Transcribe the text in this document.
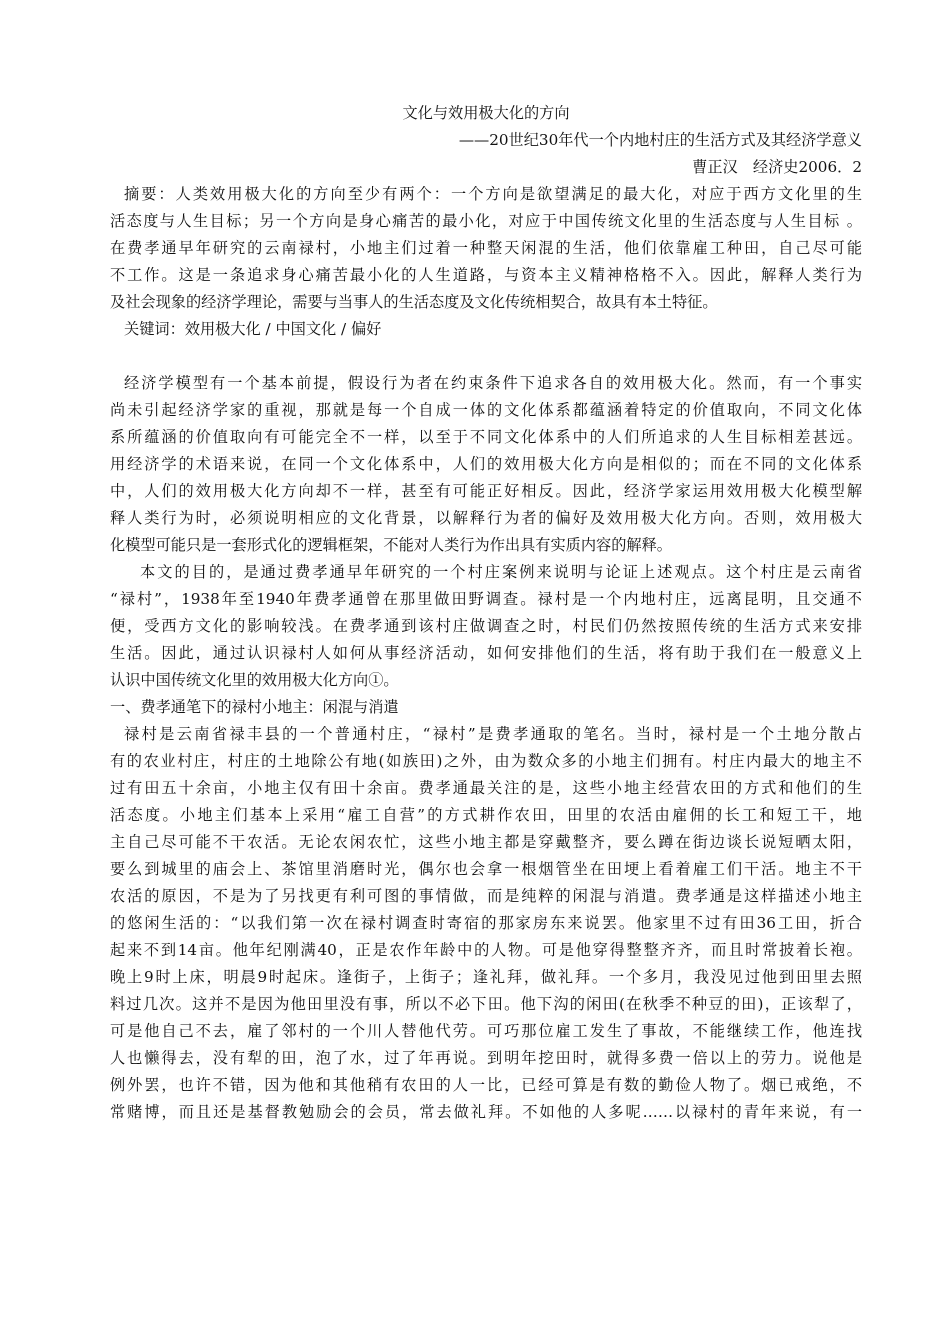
文化与效用极大化的方向
——20世纪30年代一个内地村庄的生活方式及其经济学意义
曹正汉　经济史2006．2
摘要：人类效用极大化的方向至少有两个：一个方向是欲望满足的最大化，对应于西方文化里的生
活态度与人生目标；另一个方向是身心痛苦的最小化，对应于中国传统文化里的生活态度与人生目标 。
在费孝通早年研究的云南禄村，小地主们过着一种整天闲混的生活，他们依靠雇工种田，自己尽可能
不工作。这是一条追求身心痛苦最小化的人生道路，与资本主义精神格格不入。因此，解释人类行为
及社会现象的经济学理论，需要与当事人的生活态度及文化传统相契合，故具有本土特征。
关键词：效用极大化 / 中国文化 / 偏好
经济学模型有一个基本前提，假设行为者在约束条件下追求各自的效用极大化。然而，有一个事实
尚未引起经济学家的重视，那就是每一个自成一体的文化体系都蕴涵着特定的价值取向，不同文化体
系所蕴涵的价值取向有可能完全不一样，以至于不同文化体系中的人们所追求的人生目标相差甚远。
用经济学的术语来说，在同一个文化体系中，人们的效用极大化方向是相似的；而在不同的文化体系
中，人们的效用极大化方向却不一样，甚至有可能正好相反。因此，经济学家运用效用极大化模型解
释人类行为时，必须说明相应的文化背景，以解释行为者的偏好及效用极大化方向。否则，效用极大
化模型可能只是一套形式化的逻辑框架，不能对人类行为作出具有实质内容的解释。
本文的目的，是通过费孝通早年研究的一个村庄案例来说明与论证上述观点。这个村庄是云南省
“禄村”，1938年至1940年费孝通曾在那里做田野调查。禄村是一个内地村庄，远离昆明，且交通不
便，受西方文化的影响较浅。在费孝通到该村庄做调查之时，村民们仍然按照传统的生活方式来安排
生活。因此，通过认识禄村人如何从事经济活动，如何安排他们的生活，将有助于我们在一般意义上
认识中国传统文化里的效用极大化方向①。
一、费孝通笔下的禄村小地主：闲混与消遣
禄村是云南省禄丰县的一个普通村庄，“禄村”是费孝通取的笔名。当时，禄村是一个土地分散占
有的农业村庄，村庄的土地除公有地(如族田)之外，由为数众多的小地主们拥有。村庄内最大的地主不
过有田五十余亩，小地主仅有田十余亩。费孝通最关注的是，这些小地主经营农田的方式和他们的生
活态度。小地主们基本上采用“雇工自营”的方式耕作农田，田里的农活由雇佣的长工和短工干，地
主自己尽可能不干农活。无论农闲农忙，这些小地主都是穿戴整齐，要么蹲在街边谈长说短晒太阳，
要么到城里的庙会上、茶馆里消磨时光，偶尔也会拿一根烟管坐在田埂上看着雇工们干活。地主不干
农活的原因，不是为了另找更有利可图的事情做，而是纯粹的闲混与消遣。费孝通是这样描述小地主
的悠闲生活的：“以我们第一次在禄村调查时寄宿的那家房东来说罢。他家里不过有田36工田，折合
起来不到14亩。他年纪刚满40，正是农作年龄中的人物。可是他穿得整整齐齐，而且时常披着长袍。
晚上9时上床，明晨9时起床。逢街子，上街子；逢礼拜，做礼拜。一个多月，我没见过他到田里去照
料过几次。这并不是因为他田里没有事，所以不必下田。他下沟的闲田(在秋季不种豆的田)，正该犁了，
可是他自己不去，雇了邻村的一个川人替他代劳。可巧那位雇工发生了事故，不能继续工作，他连找
人也懒得去，没有犁的田，泡了水，过了年再说。到明年挖田时，就得多费一倍以上的劳力。说他是
例外罢，也许不错，因为他和其他稍有农田的人一比，已经可算是有数的勤俭人物了。烟已戒绝，不
常赌博，而且还是基督教勉励会的会员，常去做礼拜。不如他的人多呢……以禄村的青年来说，有一
